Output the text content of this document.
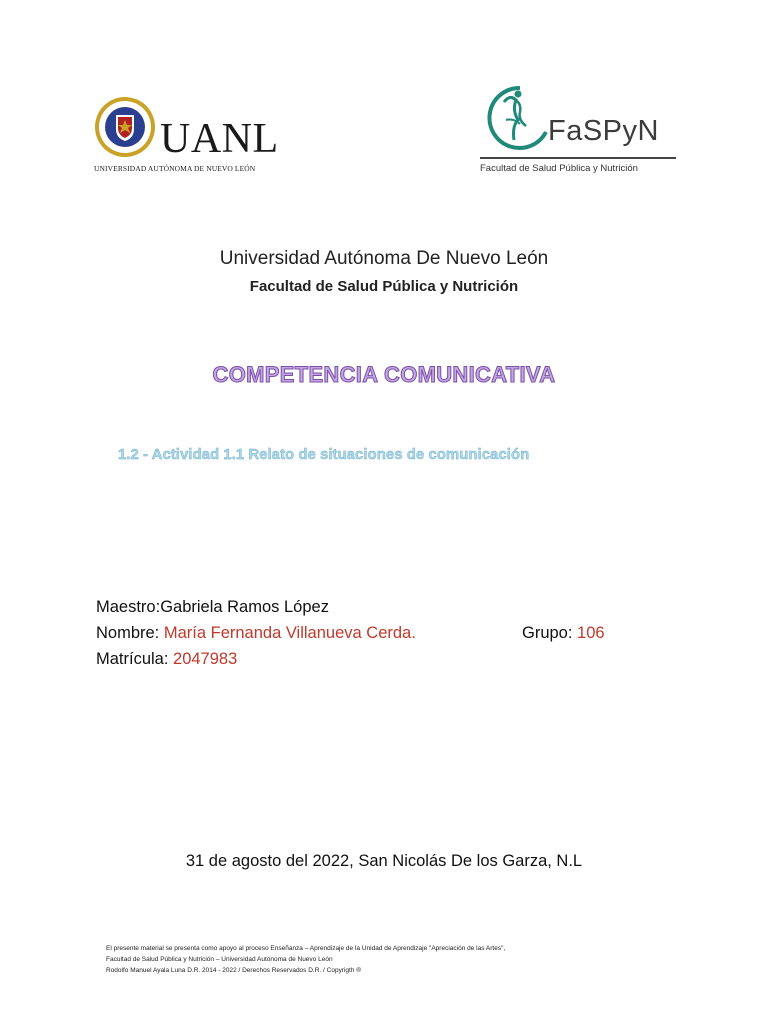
UANL
UNIVERSIDAD AUTÓNOMA DE NUEVO LEÓN
FaSPyN
Facultad de Salud Pública y Nutrición
Universidad Autónoma De Nuevo León
Facultad de Salud Pública y Nutrición
COMPETENCIA COMUNICATIVA
1.2 - Actividad 1.1 Relato de situaciones de comunicación
Maestro:Gabriela Ramos López
Nombre: María Fernanda Villanueva Cerda.	Grupo: 106
Matrícula: 2047983
31 de agosto del 2022, San Nicolás De los Garza, N.L
El presente material se presenta como apoyo al proceso Enseñanza – Aprendizaje de la Unidad de Aprendizaje "Apreciación de las Artes",
Facultad de Salud Pública y Nutrición – Universidad Autónoma de Nuevo León
Rodolfo Manuel Ayala Luna D.R. 2014 - 2022 / Derechos Reservados D.R. / Copyrigth ®
